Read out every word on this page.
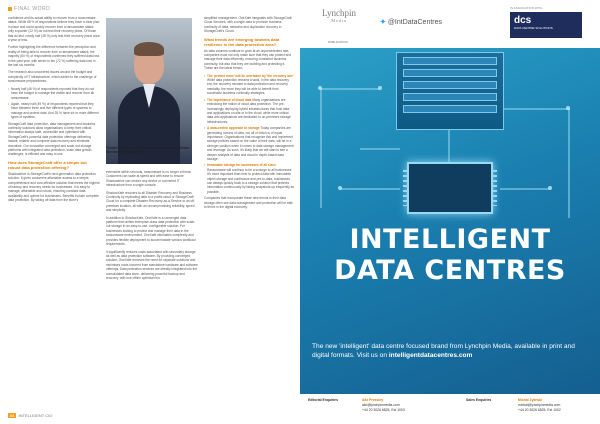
FINAL WORD

confidence and its actual ability to recover from a ransomware attack. While 68 % of respondents believe they have a clear plan in place and could quickly recover from a ransomware attack only a quarter (22 %) do not test their recovery plans. Of those that do test, nearly half (48 %) only test their recovery plans once a year or less.

Further highlighting the difference between the perception and reality of being able to recover from a ransomware attack, the majority (84 %) of respondents confirmed they suffered data loss in the past year, with seven in ten (72 %) suffering data loss in the last six months.

The research also uncovered issues around the budget and complexity of IT infrastructure, which added to the challenge of ransomware preparedness:

• Nearly half (46 %) of respondents reported that they do not have the budget to manage the visible and recover from all ransomware.
• Again, nearly half (49 %) of respondents reported that they have between three and five different types of systems to manage and protect data. And 35 % have six or more different types of systems.

StorageCraft data protection, data management and business continuity solutions allow organisations to keep their critical information always safe, accessible and optimised with StorageCraft's powerful data protection offerings delivering instant, reliable and complete data recovery and eliminate downtime. Our innovative converged and scale-out storage platforms with integrated data protection, scale data growth challenges, is efficient and easy to use.

How does StorageCraft offer a simple but robust data protection offering?

Shadowdrive is StorageCraft's next-generation data protection solution. It gives customers affordable access to a simple, comprehensive and cost-effective solution that meets the highest of backup and recovery needs for businesses. It is easy to manage, affordable and robust, ensuring constant data availability and uptime for businesses. Benefits include complete data protection. By taking off data from the store's

extensible within seconds, ransomware is no longer a threat. Customers can scale at speed and with ease to ensure Shadowdrive can restore any device or converted IT infrastructure from a single console.

ShadowXafe recovers to all Disaster Recovery and Business Continuity by replicating data to a public cloud or StorageCraft Cloud for a complete Disaster-Recovery-as-a-Service or an off-premises location, all with an uncompromising reliability, speed and simplicity.

In addition to ShadowXafe, OneXafe is a converged data platform that unifies enterprise-class data protection with scale-out storage in an easy-to-use, configurable solution. For businesses looking to protect and manage their data in the ransomware environment, OneXafe eliminates complexity and provides flexible deployment to accommodate various workload requirements.

It significantly reduces costs associated with secondary storage as well as data protection software. By providing converged solution, OneXafe removes the need for separate solutions and minimises costs incurred from standalone hardware and software offerings. Data protection services are directly integrated into the consolidated data store, delivering powerful backup and recovery, with one offline optimised for

simplified management. OneXafe integrates with StorageCraft Cloud Services, with a single data to promote business continuity of data, networks and duplication recovery in StorageCraft's Cloud.

What trends are emerging towards data resilience in the data protection area?

As data volumes continue to grow at an unprecedented rate, companies must not only make sure that they can protect and manage their data efficiently, ensuring consistent business continuity, but also that they are building and protecting it. These are the latest trends:

• The 'protect more' will be overtaken by 'the recovery one' While data protection remains crucial, in the data recovery era, the recovery mindset to data protection and recovery mentality, the more they will be able to benefit from successful business continuity strategies.
• The importance of cloud data Many organisations are embracing the notion of cloud data protection. The pre-increasingly deploying hybrid infrastructures that host data and applications on-site or in the cloud, while more critical data and applications are dedicated to on-premises storage infrastructures.
• A data-centric approach to storage Today companies are generating oceans of data, not all of which is of equal importance. Organisations that recognise this and implement storage policies based on the value of their data, will be in a stronger position when it comes to data storage management and leverage. As such, it's likely that we will start to see a deeper analysis of data and cloud in depth-based data storage.
• Immutable storage for businesses of all sizes Ransomware will continue to be a scourge to all businesses. It's more important than ever to protect data with immutable object storage and continuous and pre-to-data, businesses can always quickly back to a storage solution that protects information continuously by taking snapshots up frequently as possible.

Companies that incorporate these new trends in their data storage often see data management and protection will be able to thrive in the digital economy.

Florian Malecki, International Product Marketing Senior Director at StorageCraft
84 INTELLIGENT CIO
Lynchpin
Media
PUBLICATION
✦ @IntDataCentres
IN ASSOCIATION WITH
dcs
DATA CENTRE SOLUTIONS
INTELLIGENT
DATA CENTRES
The new 'intelligent' data centre focused brand from Lynchpin Media, available in print and digital formats. Visit us on intelligentdatacentres.com
Editorial Enquiries	Alix Pressley
alix@lynchpinmedia.com
+44 20 3026 6825, Ext 1003
Sales Enquiries	Michal Zylinski
michal@lynchpinmedia.com
+44 20 3026 6825, Ext 1002
